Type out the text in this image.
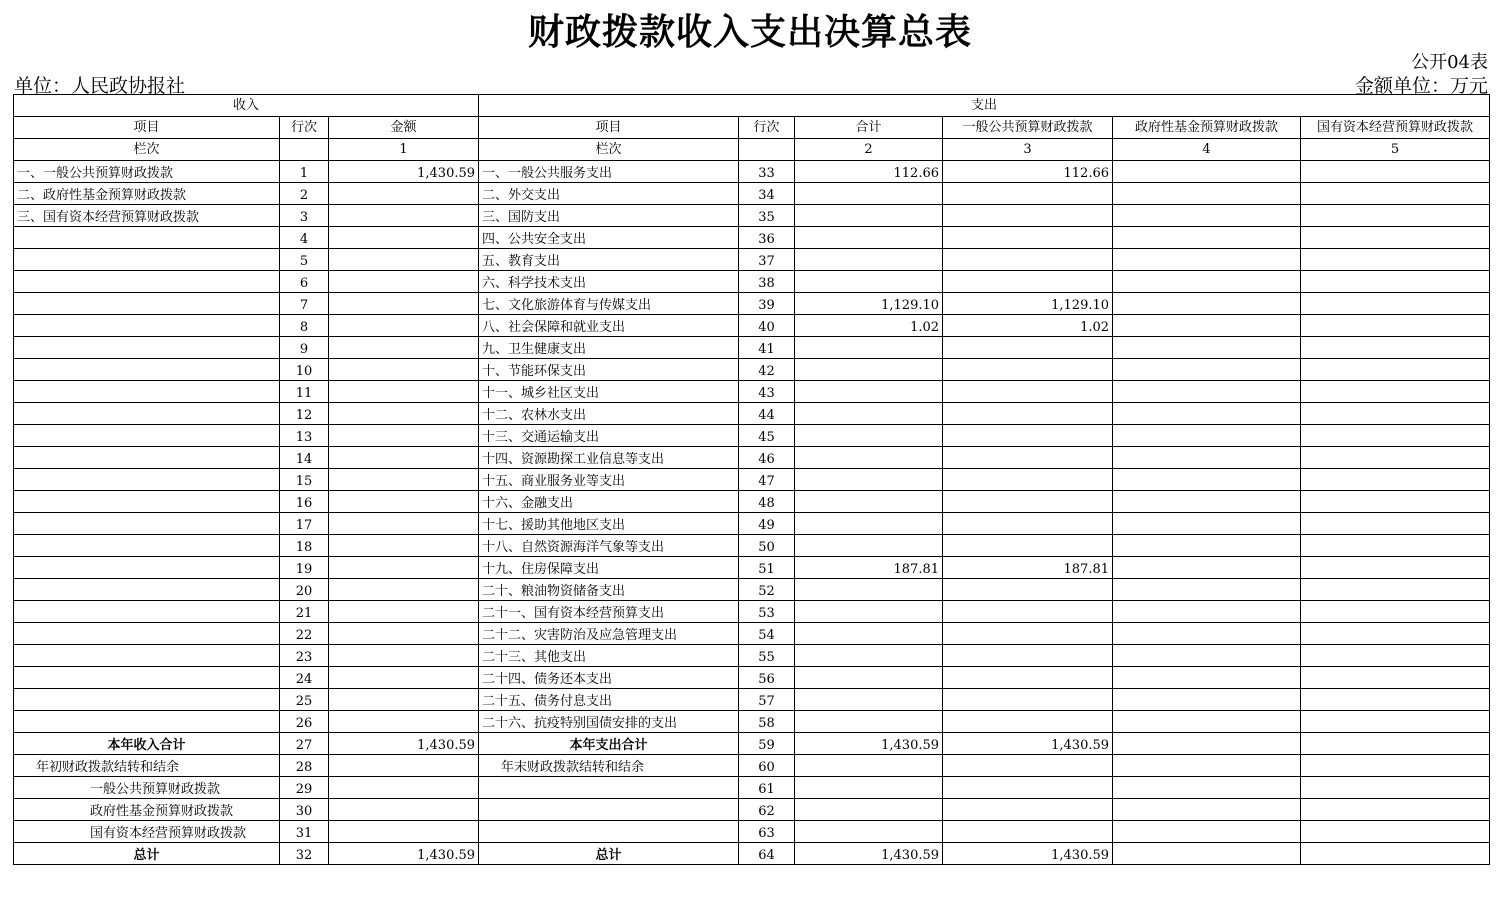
财政拨款收入支出决算总表
公开04表
单位：人民政协报社	金额单位：万元
收入			支出					
项目	行次	金额	项目	行次	合计	一般公共预算财政拨款	政府性基金预算财政拨款	国有资本经营预算财政拨款
栏次		1	栏次		2	3	4	5
一、一般公共预算财政拨款	1	1,430.59	一、一般公共服务支出	33	112.66	112.66		
二、政府性基金预算财政拨款	2		二、外交支出	34				
三、国有资本经营预算财政拨款	3		三、国防支出	35				
	4		四、公共安全支出	36				
	5		五、教育支出	37				
	6		六、科学技术支出	38				
	7		七、文化旅游体育与传媒支出	39	1,129.10	1,129.10		
	8		八、社会保障和就业支出	40	1.02	1.02		
	9		九、卫生健康支出	41				
	10		十、节能环保支出	42				
	11		十一、城乡社区支出	43				
	12		十二、农林水支出	44				
	13		十三、交通运输支出	45				
	14		十四、资源勘探工业信息等支出	46				
	15		十五、商业服务业等支出	47				
	16		十六、金融支出	48				
	17		十七、援助其他地区支出	49				
	18		十八、自然资源海洋气象等支出	50				
	19		十九、住房保障支出	51	187.81	187.81		
	20		二十、粮油物资储备支出	52				
	21		二十一、国有资本经营预算支出	53				
	22		二十二、灾害防治及应急管理支出	54				
	23		二十三、其他支出	55				
	24		二十四、债务还本支出	56				
	25		二十五、债务付息支出	57				
	26		二十六、抗疫特别国债安排的支出	58				
本年收入合计	27	1,430.59	本年支出合计	59	1,430.59	1,430.59		
年初财政拨款结转和结余	28		年末财政拨款结转和结余	60				
一般公共预算财政拨款	29			61				
政府性基金预算财政拨款	30			62				
国有资本经营预算财政拨款	31			63				
总计	32	1,430.59	总计	64	1,430.59	1,430.59		
